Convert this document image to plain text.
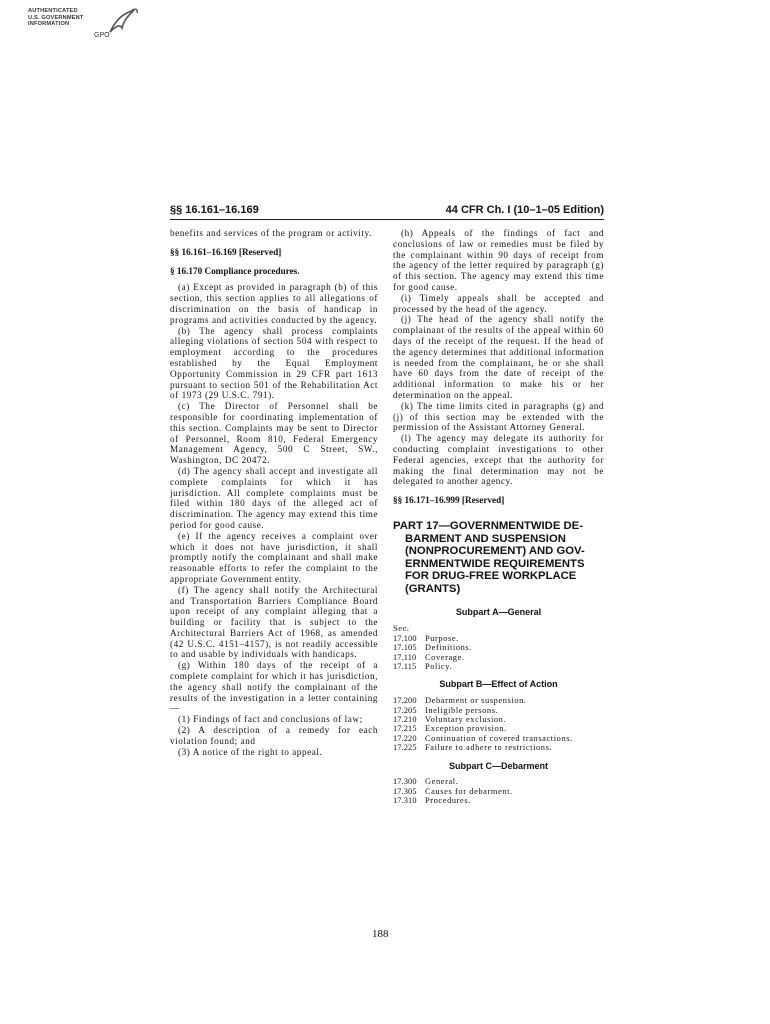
AUTHENTICATED
U.S. GOVERNMENT
INFORMATION
GPO
§§ 16.161–16.169	44 CFR Ch. I (10–1–05 Edition)

benefits and services of the program or activity.

§§ 16.161–16.169 [Reserved]

§ 16.170 Compliance procedures.

(a) Except as provided in paragraph (b) of this section, this section applies to all allegations of discrimination on the basis of handicap in programs and activities conducted by the agency.

(b) The agency shall process complaints alleging violations of section 504 with respect to employment according to the procedures established by the Equal Employment Opportunity Commission in 29 CFR part 1613 pursuant to section 501 of the Rehabilitation Act of 1973 (29 U.S.C. 791).

(c) The Director of Personnel shall be responsible for coordinating implementation of this section. Complaints may be sent to Director of Personnel, Room 810, Federal Emergency Management Agency, 500 C Street, SW., Washington, DC 20472.

(d) The agency shall accept and investigate all complete complaints for which it has jurisdiction. All complete complaints must be filed within 180 days of the alleged act of discrimination. The agency may extend this time period for good cause.

(e) If the agency receives a complaint over which it does not have jurisdiction, it shall promptly notify the complainant and shall make reasonable efforts to refer the complaint to the appropriate Government entity.

(f) The agency shall notify the Architectural and Transportation Barriers Compliance Board upon receipt of any complaint alleging that a building or facility that is subject to the Architectural Barriers Act of 1968, as amended (42 U.S.C. 4151–4157), is not readily accessible to and usable by individuals with handicaps.

(g) Within 180 days of the receipt of a complete complaint for which it has jurisdiction, the agency shall notify the complainant of the results of the investigation in a letter containing—

(1) Findings of fact and conclusions of law;

(2) A description of a remedy for each violation found; and

(3) A notice of the right to appeal.

(h) Appeals of the findings of fact and conclusions of law or remedies must be filed by the complainant within 90 days of receipt from the agency of the letter required by paragraph (g) of this section. The agency may extend this time for good cause.

(i) Timely appeals shall be accepted and processed by the head of the agency.

(j) The head of the agency shall notify the complainant of the results of the appeal within 60 days of the receipt of the request. If the head of the agency determines that additional information is needed from the complainant, he or she shall have 60 days from the date of receipt of the additional information to make his or her determination on the appeal.

(k) The time limits cited in paragraphs (g) and (j) of this section may be extended with the permission of the Assistant Attorney General.

(l) The agency may delegate its authority for conducting complaint investigations to other Federal agencies, except that the authority for making the final determination may not be delegated to another agency.

§§ 16.171–16.999 [Reserved]

PART 17—GOVERNMENTWIDE DE-
BARMENT AND SUSPENSION
(NONPROCUREMENT) AND GOV-
ERNMENTWIDE REQUIREMENTS
FOR DRUG-FREE WORKPLACE
(GRANTS)
Subpart A—General
Sec.
17.100 Purpose.
17.105 Definitions.
17.110	Coverage.
17.115	Policy.
Subpart B—Effect of Action
17.200 Debarment or suspension.
17.205 Ineligible persons.
17.210 Voluntary exclusion.
17.215 Exception provision.
17.220 Continuation of covered transactions.
17.225 Failure to adhere to restrictions.
Subpart C—Debarment
17.300 General.
17.305 Causes for debarment.
17.310 Procedures.
188
